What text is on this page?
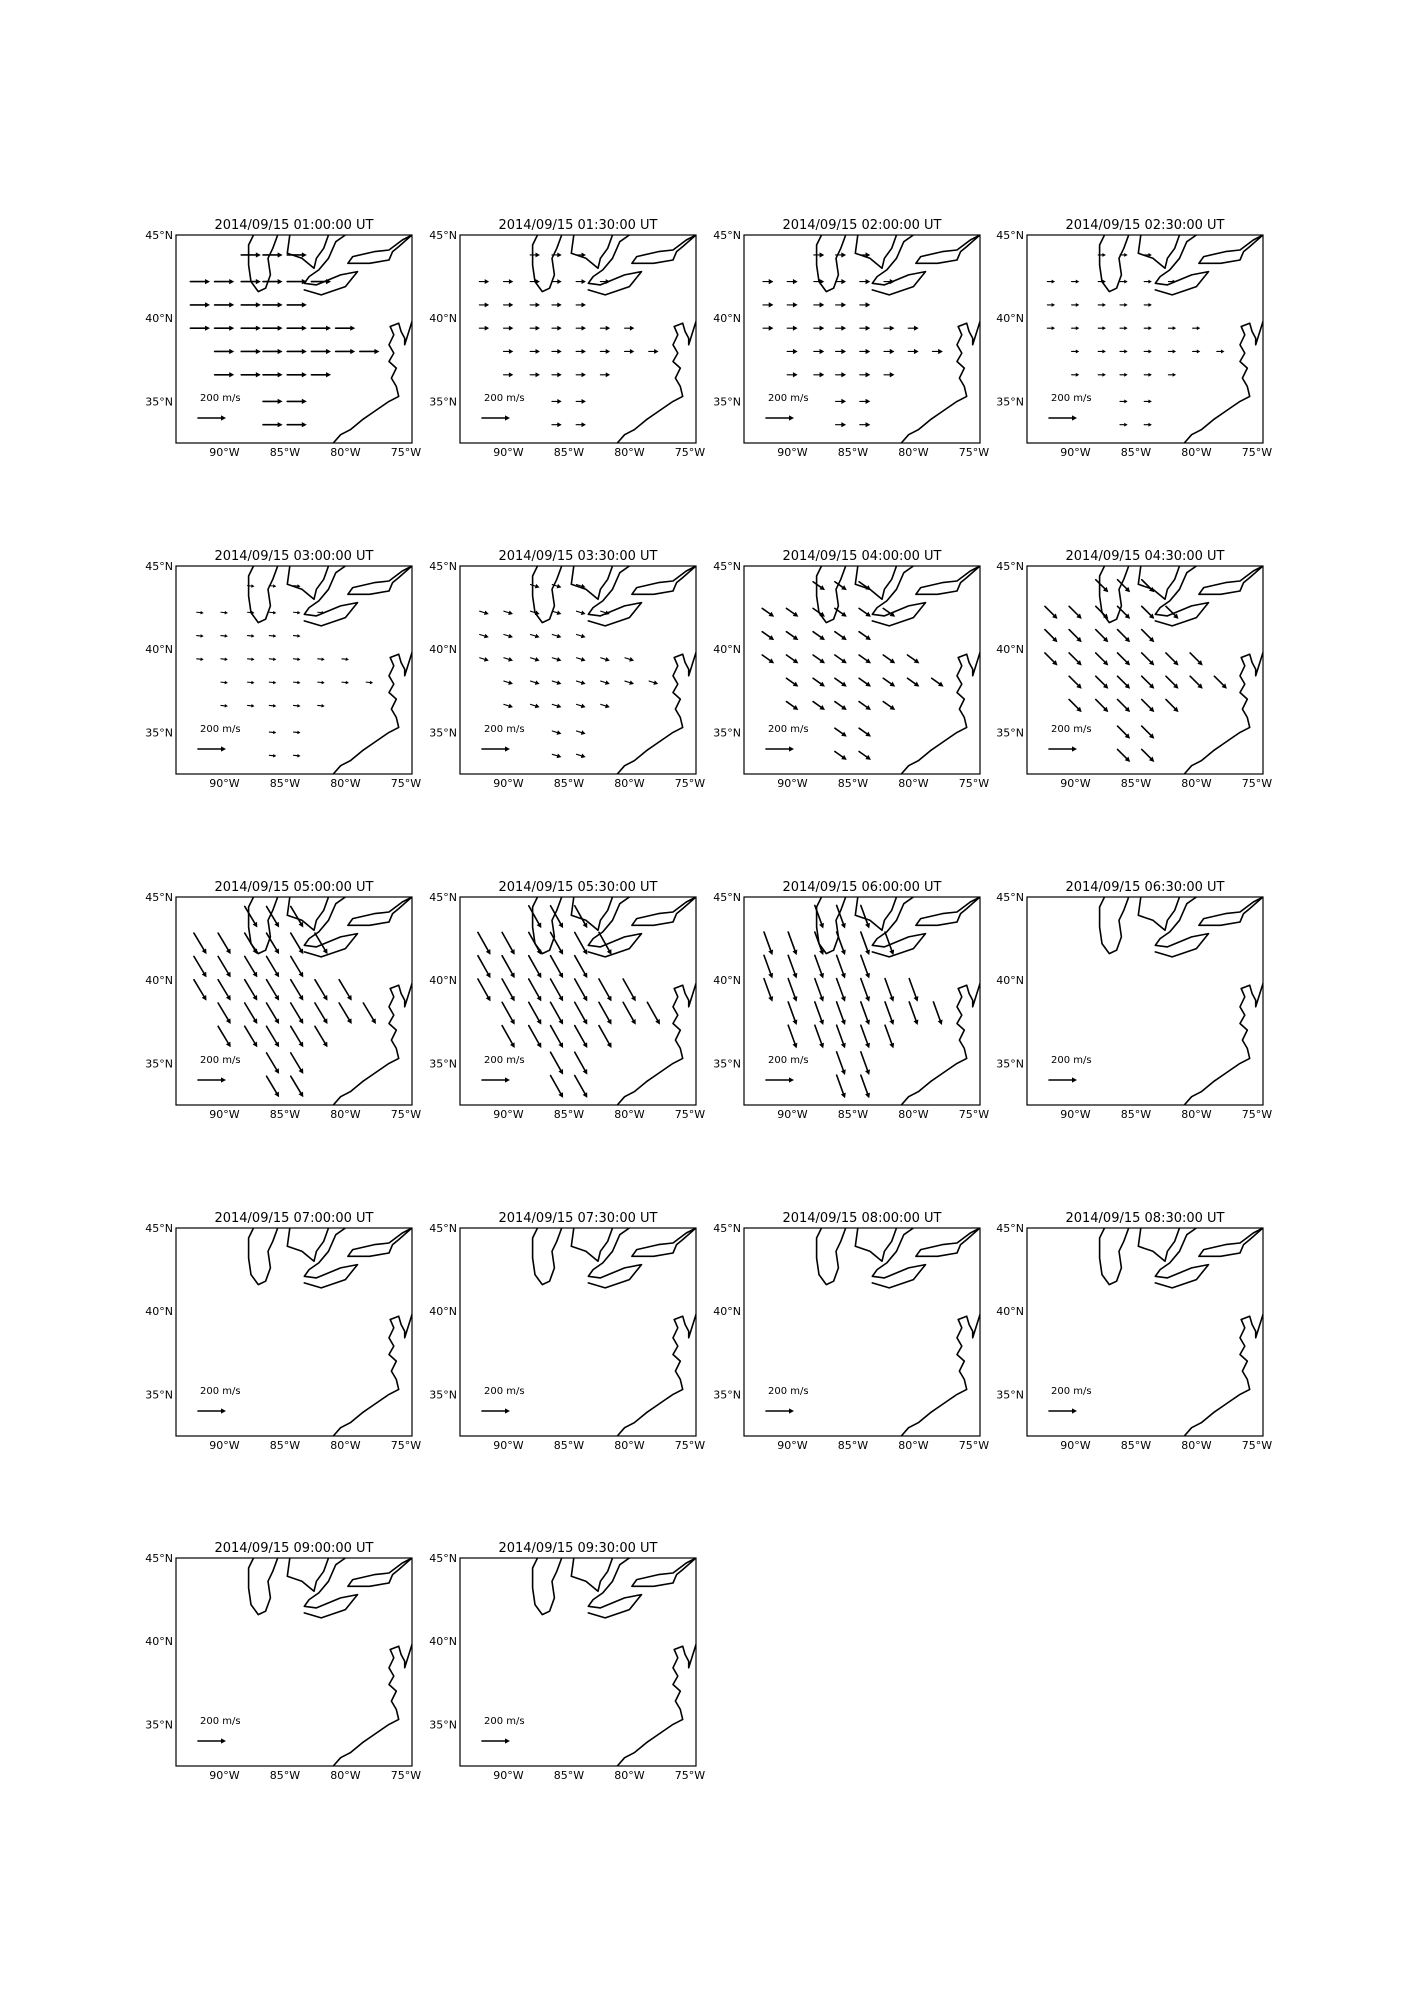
2014/09/15 01:00:00 UT
35°N
40°N
45°N
90°W	85°W	80°W	75°W
200 m/s
2014/09/15 01:30:00 UT
35°N
40°N
45°N
90°W	85°W	80°W	75°W
200 m/s
2014/09/15 02:00:00 UT
35°N
40°N
45°N
90°W	85°W	80°W	75°W
200 m/s
2014/09/15 02:30:00 UT
35°N
40°N
45°N
90°W	85°W	80°W	75°W
200 m/s
2014/09/15 03:00:00 UT
35°N
40°N
45°N
90°W	85°W	80°W	75°W
200 m/s
2014/09/15 03:30:00 UT
35°N
40°N
45°N
90°W	85°W	80°W	75°W
200 m/s
2014/09/15 04:00:00 UT
35°N
40°N
45°N
90°W	85°W	80°W	75°W
200 m/s
2014/09/15 04:30:00 UT
35°N
40°N
45°N
90°W	85°W	80°W	75°W
200 m/s
2014/09/15 05:00:00 UT
35°N
40°N
45°N
90°W	85°W	80°W	75°W
200 m/s
2014/09/15 05:30:00 UT
35°N
40°N
45°N
90°W	85°W	80°W	75°W
200 m/s
2014/09/15 06:00:00 UT
35°N
40°N
45°N
90°W	85°W	80°W	75°W
200 m/s
2014/09/15 06:30:00 UT
35°N
40°N
45°N
90°W	85°W	80°W	75°W
200 m/s
2014/09/15 07:00:00 UT
35°N
40°N
45°N
90°W	85°W	80°W	75°W
200 m/s
2014/09/15 07:30:00 UT
35°N
40°N
45°N
90°W	85°W	80°W	75°W
200 m/s
2014/09/15 08:00:00 UT
35°N
40°N
45°N
90°W	85°W	80°W	75°W
200 m/s
2014/09/15 08:30:00 UT
35°N
40°N
45°N
90°W	85°W	80°W	75°W
200 m/s
2014/09/15 09:00:00 UT
35°N
40°N
45°N
90°W	85°W	80°W	75°W
200 m/s
2014/09/15 09:30:00 UT
35°N
40°N
45°N
90°W	85°W	80°W	75°W
200 m/s
